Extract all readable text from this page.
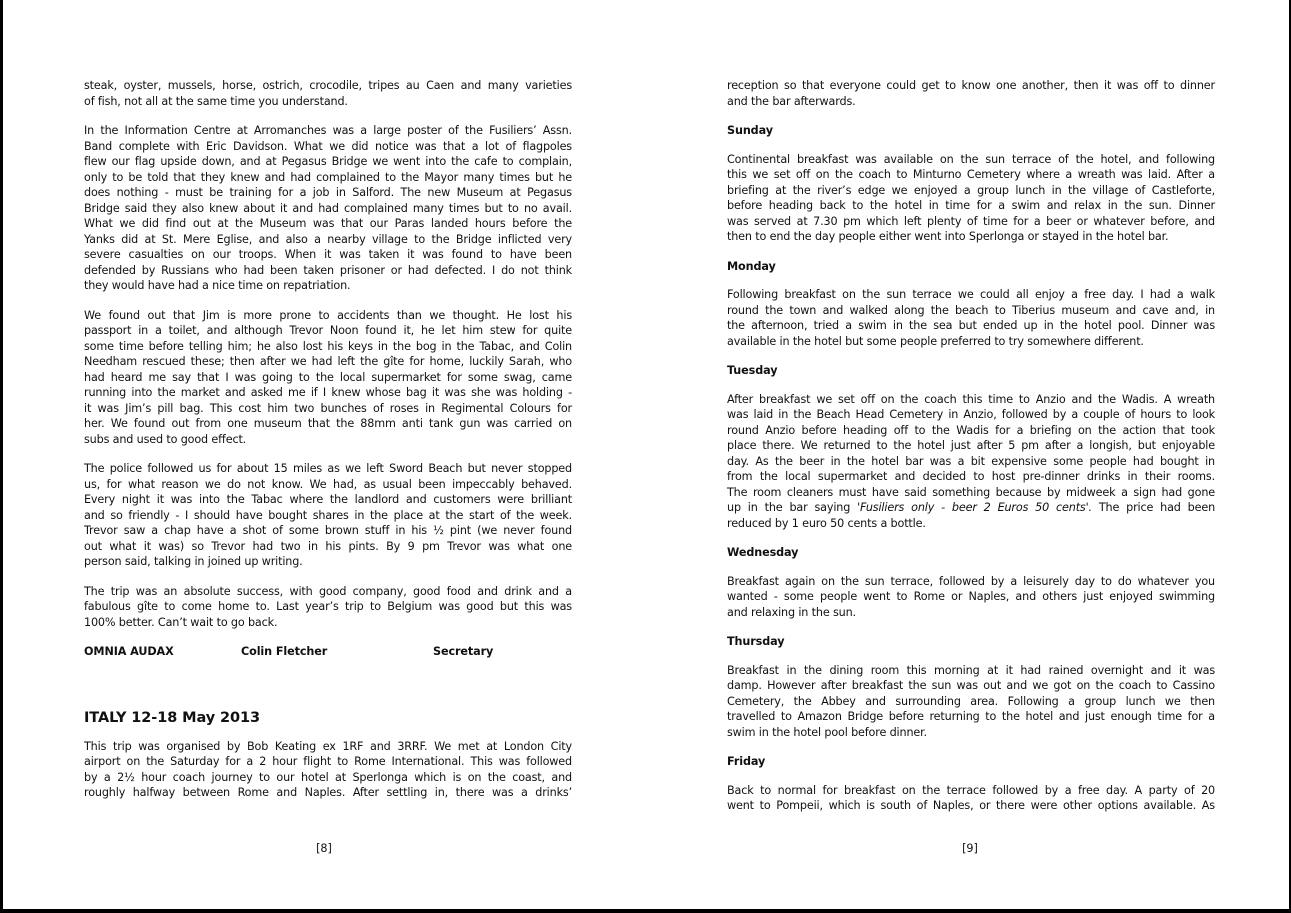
steak, oyster, mussels, horse, ostrich, crocodile, tripes au Caen and many varieties
of fish, not all at the same time you understand.
In the Information Centre at Arromanches was a large poster of the Fusiliers’ Assn.
Band complete with Eric Davidson. What we did notice was that a lot of flagpoles
flew our flag upside down, and at Pegasus Bridge we went into the cafe to complain,
only to be told that they knew and had complained to the Mayor many times but he
does nothing - must be training for a job in Salford. The new Museum at Pegasus
Bridge said they also knew about it and had complained many times but to no avail.
What we did find out at the Museum was that our Paras landed hours before the
Yanks did at St. Mere Eglise, and also a nearby village to the Bridge inflicted very
severe casualties on our troops. When it was taken it was found to have been
defended by Russians who had been taken prisoner or had defected. I do not think
they would have had a nice time on repatriation.
We found out that Jim is more prone to accidents than we thought. He lost his
passport in a toilet, and although Trevor Noon found it, he let him stew for quite
some time before telling him; he also lost his keys in the bog in the Tabac, and Colin
Needham rescued these; then after we had left the gîte for home, luckily Sarah, who
had heard me say that I was going to the local supermarket for some swag, came
running into the market and asked me if I knew whose bag it was she was holding -
it was Jim’s pill bag. This cost him two bunches of roses in Regimental Colours for
her. We found out from one museum that the 88mm anti tank gun was carried on
subs and used to good effect.
The police followed us for about 15 miles as we left Sword Beach but never stopped
us, for what reason we do not know. We had, as usual been impeccably behaved.
Every night it was into the Tabac where the landlord and customers were brilliant
and so friendly - I should have bought shares in the place at the start of the week.
Trevor saw a chap have a shot of some brown stuff in his ½ pint (we never found
out what it was) so Trevor had two in his pints. By 9 pm Trevor was what one
person said, talking in joined up writing.
The trip was an absolute success, with good company, good food and drink and a
fabulous gîte to come home to. Last year’s trip to Belgium was good but this was
100% better. Can’t wait to go back.
OMNIA AUDAX	Colin Fletcher	Secretary
ITALY 12-18 May 2013
This trip was organised by Bob Keating ex 1RF and 3RRF. We met at London City
airport on the Saturday for a 2 hour flight to Rome International. This was followed
by a 2½ hour coach journey to our hotel at Sperlonga which is on the coast, and
roughly halfway between Rome and Naples. After settling in, there was a drinks’
[8]
reception so that everyone could get to know one another, then it was off to dinner
and the bar afterwards.
Sunday
Continental breakfast was available on the sun terrace of the hotel, and following
this we set off on the coach to Minturno Cemetery where a wreath was laid. After a
briefing at the river’s edge we enjoyed a group lunch in the village of Castleforte,
before heading back to the hotel in time for a swim and relax in the sun. Dinner
was served at 7.30 pm which left plenty of time for a beer or whatever before, and
then to end the day people either went into Sperlonga or stayed in the hotel bar.
Monday
Following breakfast on the sun terrace we could all enjoy a free day. I had a walk
round the town and walked along the beach to Tiberius museum and cave and, in
the afternoon, tried a swim in the sea but ended up in the hotel pool. Dinner was
available in the hotel but some people preferred to try somewhere different.
Tuesday
After breakfast we set off on the coach this time to Anzio and the Wadis. A wreath
was laid in the Beach Head Cemetery in Anzio, followed by a couple of hours to look
round Anzio before heading off to the Wadis for a briefing on the action that took
place there. We returned to the hotel just after 5 pm after a longish, but enjoyable
day. As the beer in the hotel bar was a bit expensive some people had bought in
from the local supermarket and decided to host pre-dinner drinks in their rooms.
The room cleaners must have said something because by midweek a sign had gone
up in the bar saying 'Fusiliers only - beer 2 Euros 50 cents'. The price had been
reduced by 1 euro 50 cents a bottle.
Wednesday
Breakfast again on the sun terrace, followed by a leisurely day to do whatever you
wanted - some people went to Rome or Naples, and others just enjoyed swimming
and relaxing in the sun.
Thursday
Breakfast in the dining room this morning at it had rained overnight and it was
damp. However after breakfast the sun was out and we got on the coach to Cassino
Cemetery, the Abbey and surrounding area. Following a group lunch we then
travelled to Amazon Bridge before returning to the hotel and just enough time for a
swim in the hotel pool before dinner.
Friday
Back to normal for breakfast on the terrace followed by a free day. A party of 20
went to Pompeii, which is south of Naples, or there were other options available. As
[9]
